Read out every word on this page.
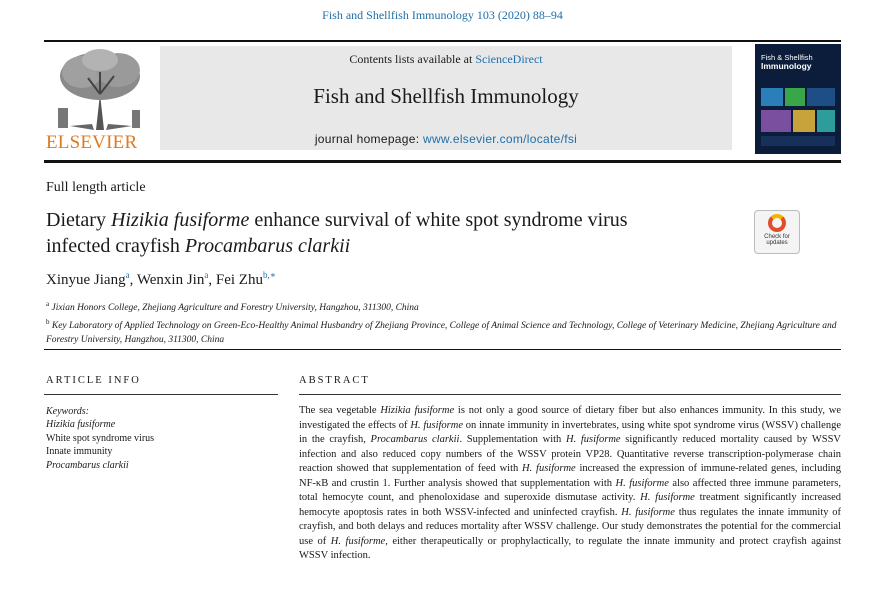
Fish and Shellfish Immunology 103 (2020) 88–94
ELSEVIER
Contents lists available at ScienceDirect
Fish and Shellfish Immunology
journal homepage: www.elsevier.com/locate/fsi
Fish & Shellfish
Immunology
Full length article
Dietary Hizikia fusiforme enhance survival of white spot syndrome virus
infected crayfish Procambarus clarkii	Check for updates
Xinyue Jiang$^a$, Wenxin Jin$^a$, Fei Zhu$^{b,∗}$
$^a$ Jixian Honors College, Zhejiang Agriculture and Forestry University, Hangzhou, 311300, China
$^b$ Key Laboratory of Applied Technology on Green-Eco-Healthy Animal Husbandry of Zhejiang Province, College of Animal Science and Technology, College of Veterinary Medicine, Zhejiang Agriculture and Forestry University, Hangzhou, 311300, China
ARTICLE INFO	ABSTRACT
Keywords:
Hizikia fusiforme
White spot syndrome virus
Innate immunity
Procambarus clarkii
The sea vegetable Hizikia fusiforme is not only a good source of dietary fiber but also enhances immunity. In this study, we investigated the effects of H. fusiforme on innate immunity in invertebrates, using white spot syndrome virus (WSSV) challenge in the crayfish, Procambarus clarkii. Supplementation with H. fusiforme significantly reduced mortality caused by WSSV infection and also reduced copy numbers of the WSSV protein VP28. Quantitative reverse transcription-polymerase chain reaction showed that supplementation of feed with H. fusiforme increased the expression of immune-related genes, including NF-κB and crustin 1. Further analysis showed that supplementation with H. fusiforme also affected three immune parameters, total hemocyte count, and phenoloxidase and superoxide dismutase activity. H. fusiforme treatment significantly increased hemocyte apoptosis rates in both WSSV-infected and uninfected crayfish. H. fusiforme thus regulates the innate immunity of crayfish, and both delays and reduces mortality after WSSV challenge. Our study demonstrates the potential for the commercial use of H. fusiforme, either therapeutically or prophylactically, to regulate the innate immunity and protect crayfish against WSSV infection.
